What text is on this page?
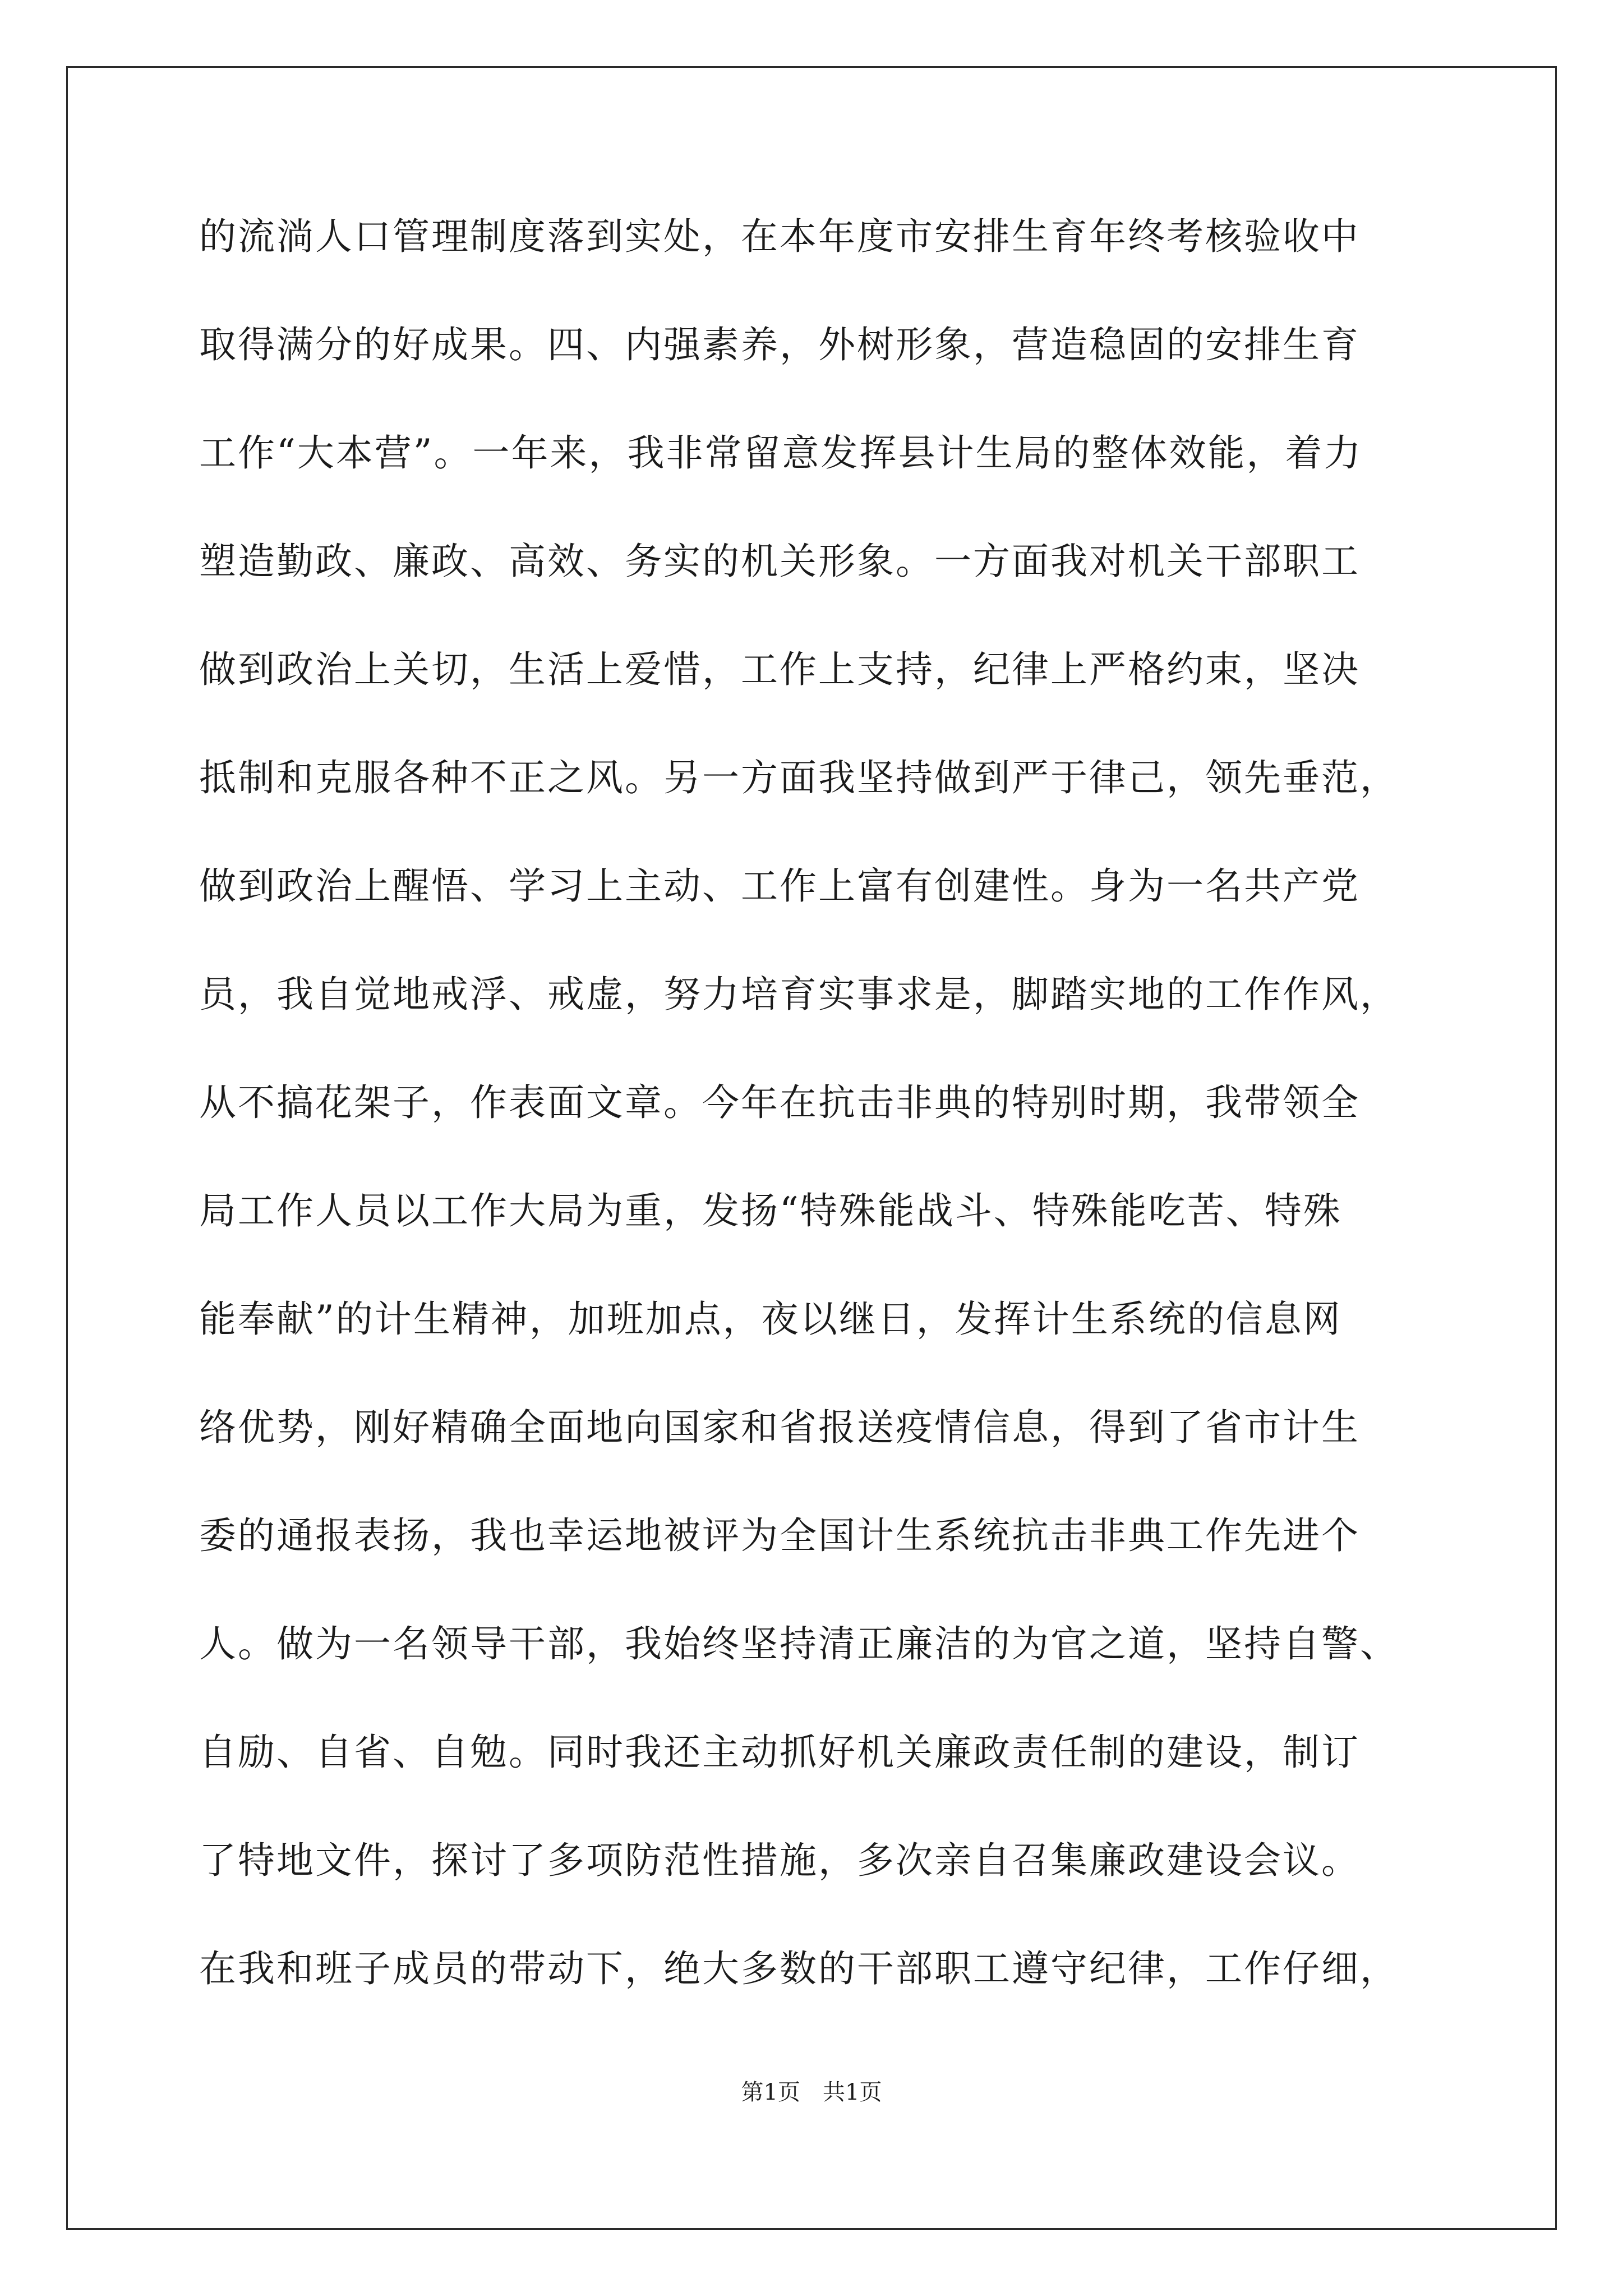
的流淌人口管理制度落到实处，在本年度市安排生育年终考核验收中
取得满分的好成果。四、内强素养，外树形象，营造稳固的安排生育
工作“大本营”。一年来，我非常留意发挥县计生局的整体效能，着力
塑造勤政、廉政、高效、务实的机关形象。一方面我对机关干部职工
做到政治上关切，生活上爱惜，工作上支持，纪律上严格约束，坚决
抵制和克服各种不正之风。另一方面我坚持做到严于律己，领先垂范，
做到政治上醒悟、学习上主动、工作上富有创建性。身为一名共产党
员，我自觉地戒浮、戒虚，努力培育实事求是，脚踏实地的工作作风，
从不搞花架子，作表面文章。今年在抗击非典的特别时期，我带领全
局工作人员以工作大局为重，发扬“特殊能战斗、特殊能吃苦、特殊
能奉献”的计生精神，加班加点，夜以继日，发挥计生系统的信息网
络优势，刚好精确全面地向国家和省报送疫情信息，得到了省市计生
委的通报表扬，我也幸运地被评为全国计生系统抗击非典工作先进个
人。做为一名领导干部，我始终坚持清正廉洁的为官之道，坚持自警、
自励、自省、自勉。同时我还主动抓好机关廉政责任制的建设，制订
了特地文件，探讨了多项防范性措施，多次亲自召集廉政建设会议。
在我和班子成员的带动下，绝大多数的干部职工遵守纪律，工作仔细，
第1页 共1页
